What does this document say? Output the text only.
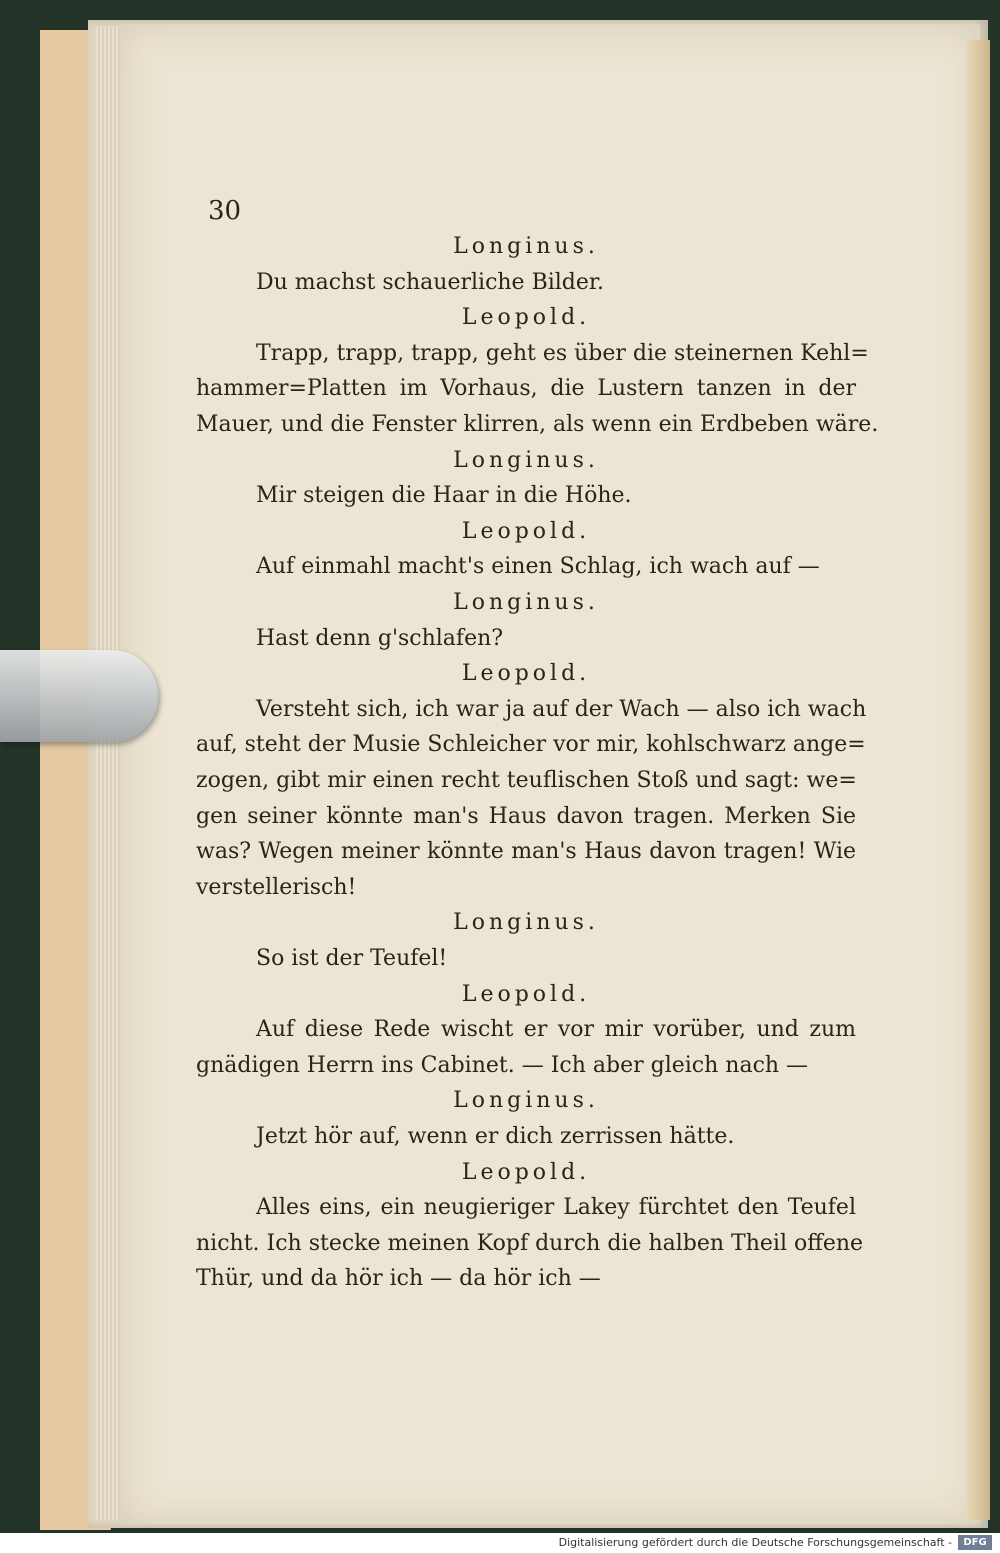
30
Longinus.
Du machst schauerliche Bilder.
Leopold.
Trapp, trapp, trapp, geht es über die steinernen Kehl=
hammer=Platten im Vorhaus, die Lustern tanzen in der
Mauer, und die Fenster klirren, als wenn ein Erdbeben wäre.
Longinus.
Mir steigen die Haar in die Höhe.
Leopold.
Auf einmahl macht's einen Schlag, ich wach auf —
Longinus.
Hast denn g'schlafen?
Leopold.
Versteht sich, ich war ja auf der Wach — also ich wach
auf, steht der Musie Schleicher vor mir, kohlschwarz ange=
zogen, gibt mir einen recht teuflischen Stoß und sagt: we=
gen seiner könnte man's Haus davon tragen. Merken Sie
was? Wegen meiner könnte man's Haus davon tragen! Wie
verstellerisch!
Longinus.
So ist der Teufel!
Leopold.
Auf diese Rede wischt er vor mir vorüber, und zum
gnädigen Herrn ins Cabinet. — Ich aber gleich nach —
Longinus.
Jetzt hör auf, wenn er dich zerrissen hätte.
Leopold.
Alles eins, ein neugieriger Lakey fürchtet den Teufel
nicht. Ich stecke meinen Kopf durch die halben Theil offene
Thür, und da hör ich — da hör ich —
Digitalisierung gefördert durch die Deutsche Forschungsgemeinschaft -	DFG
